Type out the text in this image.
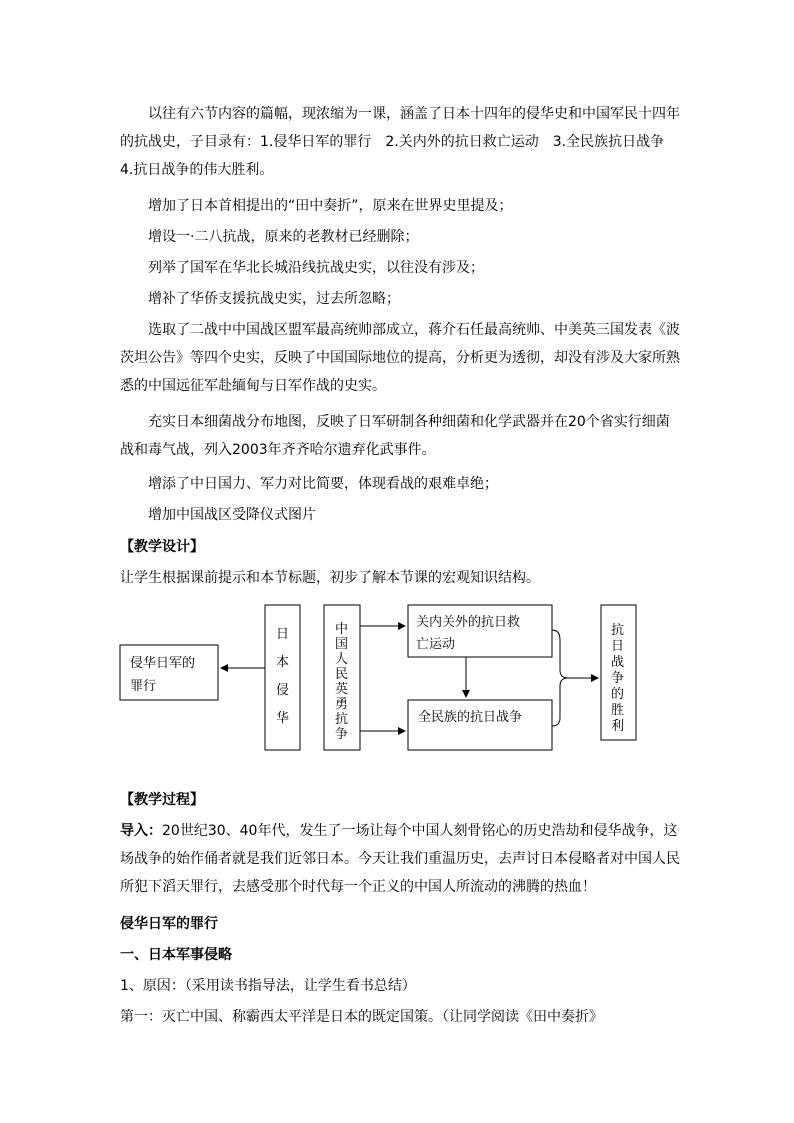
以往有六节内容的篇幅，现浓缩为一课，涵盖了日本十四年的侵华史和中国军民十四年的抗战史，子目录有：1.侵华日军的罪行　2.关内外的抗日救亡运动　3.全民族抗日战争　4.抗日战争的伟大胜利。

增加了日本首相提出的“田中奏折”，原来在世界史里提及；

增设一·二八抗战，原来的老教材已经删除；

列举了国军在华北长城沿线抗战史实，以往没有涉及；

增补了华侨支援抗战史实，过去所忽略；

选取了二战中中国战区盟军最高统帅部成立，蒋介石任最高统帅、中美英三国发表《波茨坦公告》等四个史实，反映了中国国际地位的提高，分析更为透彻，却没有涉及大家所熟悉的中国远征军赴缅甸与日军作战的史实。

充实日本细菌战分布地图，反映了日军研制各种细菌和化学武器并在20个省实行细菌战和毒气战，列入2003年齐齐哈尔遗弃化武事件。

增添了中日国力、军力对比简要，体现看战的艰难卓绝；

增加中国战区受降仪式图片

【教学设计】

让学生根据课前提示和本节标题，初步了解本节课的宏观知识结构。

侵华日军的
罪行
日
本
侵
华
中
国
人
民
英
勇
抗
争
关内关外的抗日救
亡运动
全民族的抗日战争
抗
日
战
争
的
胜
利

【教学过程】

导入：20世纪30、40年代，发生了一场让每个中国人刻骨铭心的历史浩劫和侵华战争，这场战争的始作俑者就是我们近邻日本。今天让我们重温历史，去声讨日本侵略者对中国人民所犯下滔天罪行，去感受那个时代每一个正义的中国人所流动的沸腾的热血！

侵华日军的罪行

一、日本军事侵略

1、原因：（采用读书指导法，让学生看书总结）

第一：灭亡中国、称霸西太平洋是日本的既定国策。（让同学阅读《田中奏折》
